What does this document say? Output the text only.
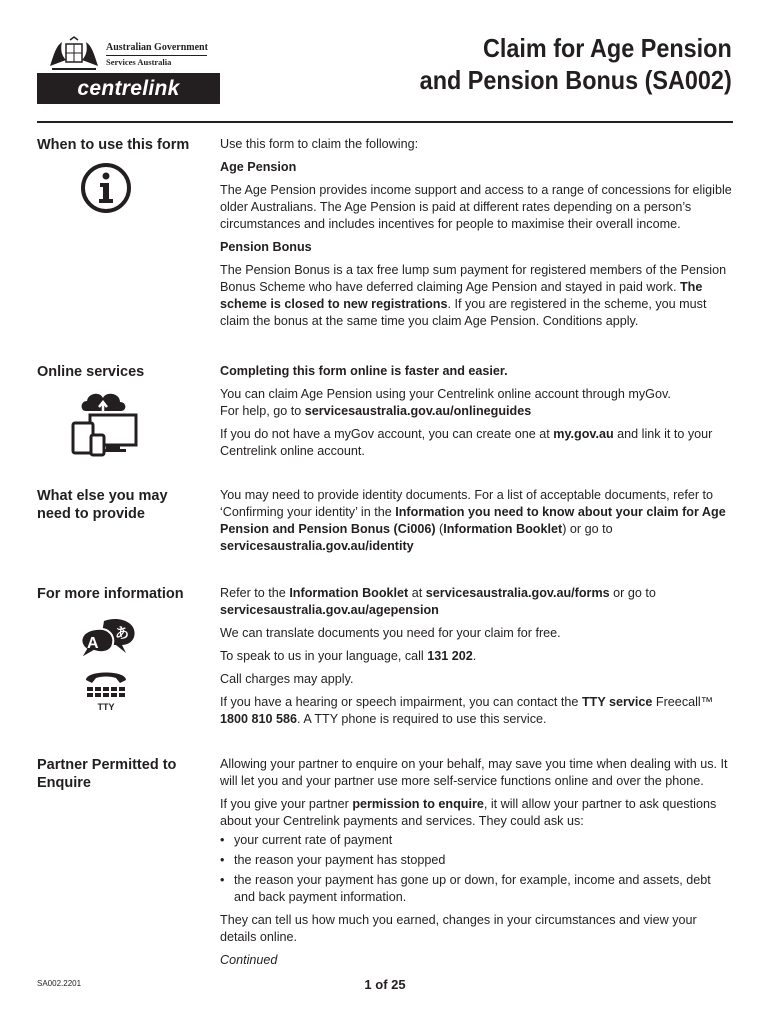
Australian Government
Services Australia
centrelink
Claim for Age Pension
and Pension Bonus (SA002)
When to use this form	Use this form to claim the following:

Age Pension

The Age Pension provides income support and access to a range of concessions for eligible older Australians. The Age Pension is paid at different rates depending on a person’s circumstances and includes incentives for people to maximise their overall income.

Pension Bonus

The Pension Bonus is a tax free lump sum payment for registered members of the Pension Bonus Scheme who have deferred claiming Age Pension and stayed in paid work. The scheme is closed to new registrations. If you are registered in the scheme, you must claim the bonus at the same time you claim Age Pension. Conditions apply.

Online services	Completing this form online is faster and easier.

You can claim Age Pension using your Centrelink online account through myGov.
For help, go to servicesaustralia.gov.au/onlineguides

If you do not have a myGov account, you can create one at my.gov.au and link it to your Centrelink online account.

What else you may need to provide

You may need to provide identity documents. For a list of acceptable documents, refer to ‘Confirming your identity’ in the Information you need to know about your claim for Age Pension and Pension Bonus (Ci006) (Information Booklet) or go to
servicesaustralia.gov.au/identity

For more information
A
あ
TTY

Refer to the Information Booklet at servicesaustralia.gov.au/forms or go to
servicesaustralia.gov.au/agepension

We can translate documents you need for your claim for free.

To speak to us in your language, call 131 202.

Call charges may apply.

If you have a hearing or speech impairment, you can contact the TTY service Freecall™
1800 810 586. A TTY phone is required to use this service.

Partner Permitted to Enquire

Allowing your partner to enquire on your behalf, may save you time when dealing with us. It will let you and your partner use more self-service functions online and over the phone.

If you give your partner permission to enquire, it will allow your partner to ask questions about your Centrelink payments and services. They could ask us:

• your current rate of payment
• the reason your payment has stopped
• the reason your payment has gone up or down, for example, income and assets, debt and back payment information.

They can tell us how much you earned, changes in your circumstances and view your details online.

Continued

SA002.2201	1 of 25
